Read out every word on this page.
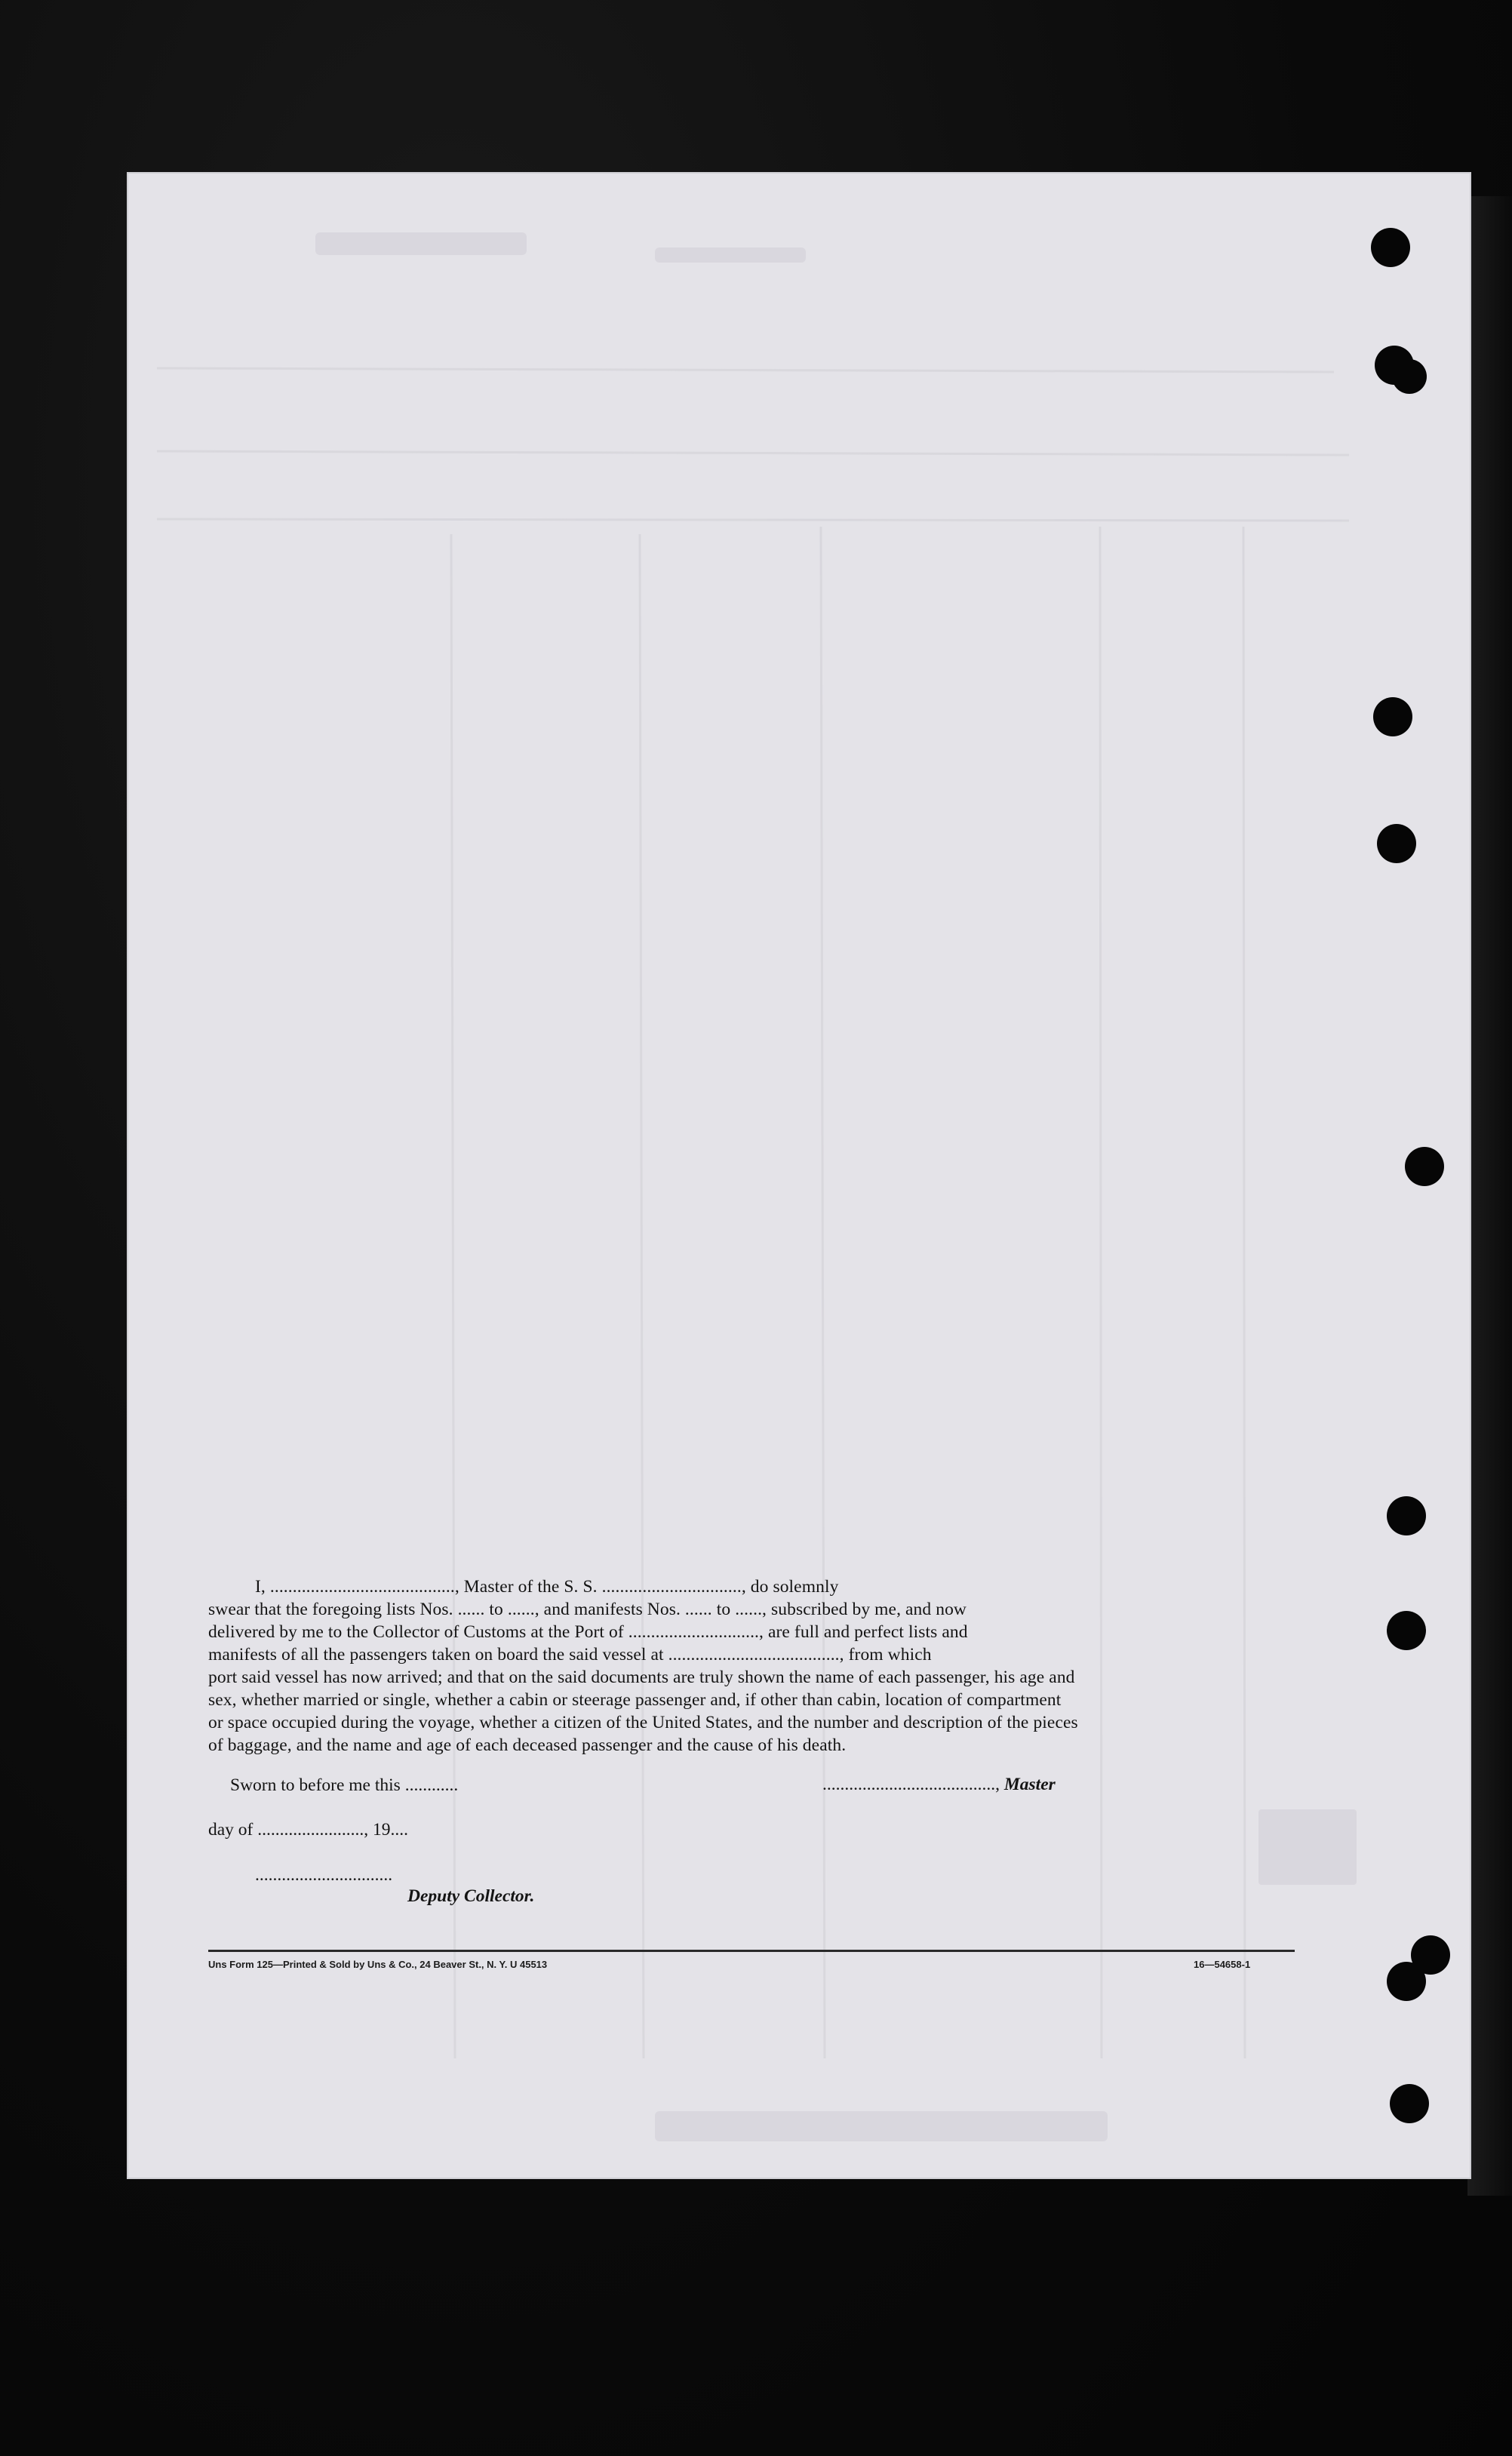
I, ........................................., Master of the S. S. ..............................., do solemnly
swear that the foregoing lists Nos. ...... to ......, and manifests Nos. ...... to ......, subscribed by me, and now
delivered by me to the Collector of Customs at the Port of ............................., are full and perfect lists and
manifests of all the passengers taken on board the said vessel at ......................................, from which
port said vessel has now arrived; and that on the said documents are truly shown the name of each passenger, his age and
sex, whether married or single, whether a cabin or steerage passenger and, if other than cabin, location of compartment
or space occupied during the voyage, whether a citizen of the United States, and the number and description of the pieces
of baggage, and the name and age of each deceased passenger and the cause of his death.
Sworn to before me this ............	......................................., Master
day of ........................, 19....
...............................
Deputy Collector.
Uns Form 125—Printed & Sold by Uns & Co., 24 Beaver St., N. Y. U 45513	16—54658-1
